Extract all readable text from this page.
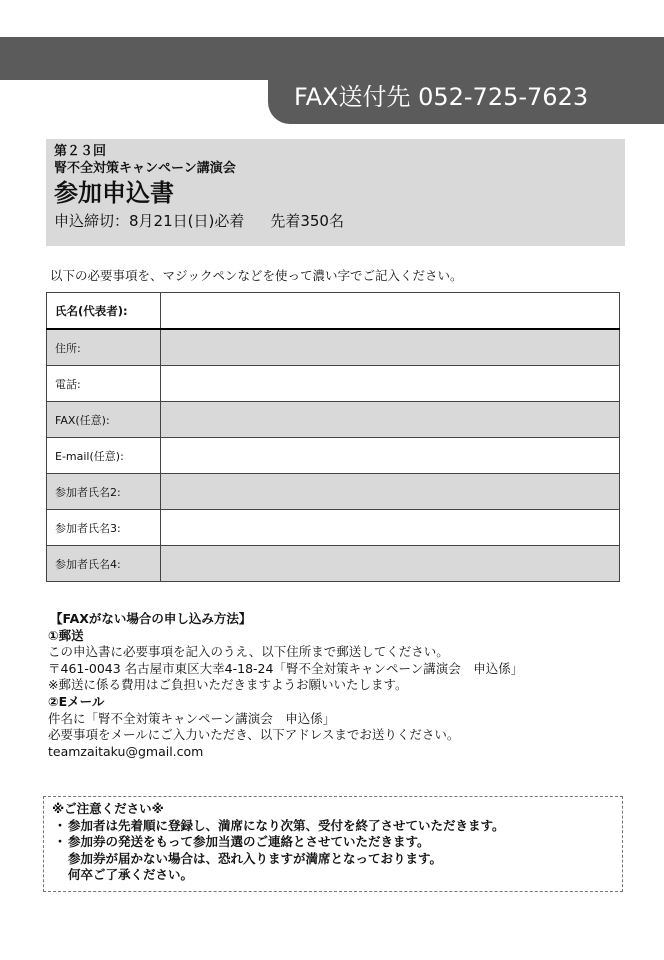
FAX送付先 052-725-7623
第２３回
腎不全対策キャンペーン講演会
参加申込書
申込締切：8月21日(日)必着 先着350名
以下の必要事項を、マジックペンなどを使って濃い字でご記入ください。
氏名(代表者):	
住所:	
電話:	
FAX(任意):	
E-mail(任意):	
参加者氏名2:	
参加者氏名3:	
参加者氏名4:	
【FAXがない場合の申し込み方法】
①郵送
この申込書に必要事項を記入のうえ、以下住所まで郵送してください。
〒461-0043 名古屋市東区大幸4-18-24「腎不全対策キャンペーン講演会　申込係」
※郵送に係る費用はご負担いただきますようお願いいたします。
②Eメール
件名に「腎不全対策キャンペーン講演会　申込係」
必要事項をメールにご入力いただき、以下アドレスまでお送りください。
teamzaitaku@gmail.com
※ご注意ください※
・ 参加者は先着順に登録し、満席になり次第、受付を終了させていただきます。
・ 参加券の発送をもって参加当選のご連絡とさせていただきます。
参加券が届かない場合は、恐れ入りますが満席となっております。
何卒ご了承ください。
